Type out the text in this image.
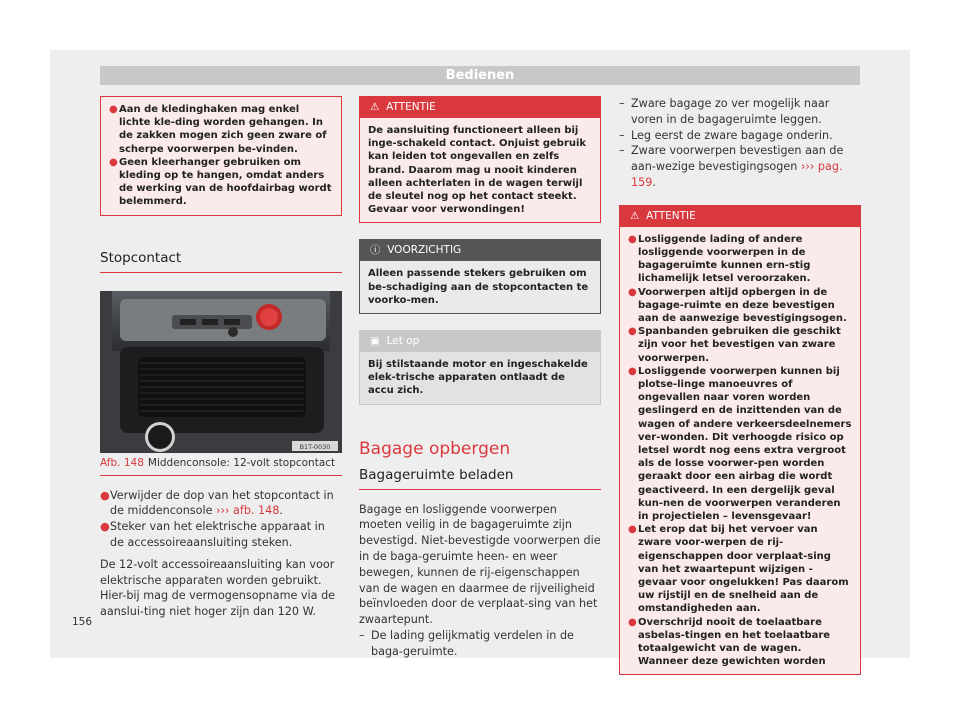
Bedienen
● Aan de kledinghaken mag enkel lichte kle-ding worden gehangen. In de zakken mogen zich geen zware of scherpe voorwerpen be-vinden.
● Geen kleerhanger gebruiken om kleding op te hangen, omdat anders de werking van de hoofdairbag wordt belemmerd.
Stopcontact
B1T-0030
Afb. 148 Middenconsole: 12-volt stopcontact
● Verwijder de dop van het stopcontact in de middenconsole ››› afb. 148.
● Steker van het elektrische apparaat in de accessoireaansluiting steken.

De 12-volt accessoireaansluiting kan voor elektrische apparaten worden gebruikt. Hier-bij mag de vermogensopname via de aanslui-ting niet hoger zijn dan 120 W.

⚠ ATTENTIE
De aansluiting functioneert alleen bij inge-schakeld contact. Onjuist gebruik kan leiden tot ongevallen en zelfs brand. Daarom mag u nooit kinderen alleen achterlaten in de wagen terwijl de sleutel nog op het contact steekt. Gevaar voor verwondingen!
ⓘ VOORZICHTIG
Alleen passende stekers gebruiken om be-schadiging aan de stopcontacten te voorko-men.
▣ Let op
Bij stilstaande motor en ingeschakelde elek-trische apparaten ontlaadt de accu zich.
Bagage opbergen
Bagageruimte beladen

Bagage en losliggende voorwerpen moeten veilig in de bagageruimte zijn bevestigd. Niet-bevestigde voorwerpen die in de baga-geruimte heen- en weer bewegen, kunnen de rij-eigenschappen van de wagen en daarmee de rijveiligheid beïnvloeden door de verplaat-sing van het zwaartepunt.

– De lading gelijkmatig verdelen in de baga-geruimte.
– Zware bagage zo ver mogelijk naar voren in de bagageruimte leggen.
– Leg eerst de zware bagage onderin.
– Zware voorwerpen bevestigen aan de aan-wezige bevestigingsogen ››› pag. 159.
⚠ ATTENTIE
● Losliggende lading of andere losliggende voorwerpen in de bagageruimte kunnen ern-stig lichamelijk letsel veroorzaken.
● Voorwerpen altijd opbergen in de bagage-ruimte en deze bevestigen aan de aanwezige bevestigingsogen.
● Spanbanden gebruiken die geschikt zijn voor het bevestigen van zware voorwerpen.
● Losliggende voorwerpen kunnen bij plotse-linge manoeuvres of ongevallen naar voren worden geslingerd en de inzittenden van de wagen of andere verkeersdeelnemers ver-wonden. Dit verhoogde risico op letsel wordt nog eens extra vergroot als de losse voorwer-pen worden geraakt door een airbag die wordt geactiveerd. In een dergelijk geval kun-nen de voorwerpen veranderen in projectielen – levensgevaar!
● Let erop dat bij het vervoer van zware voor-werpen de rij-eigenschappen door verplaat-sing van het zwaartepunt wijzigen - gevaar voor ongelukken! Pas daarom uw rijstijl en de snelheid aan de omstandigheden aan.
● Overschrijd nooit de toelaatbare asbelas-tingen en het toelaatbare totaalgewicht van de wagen. Wanneer deze gewichten worden
156
